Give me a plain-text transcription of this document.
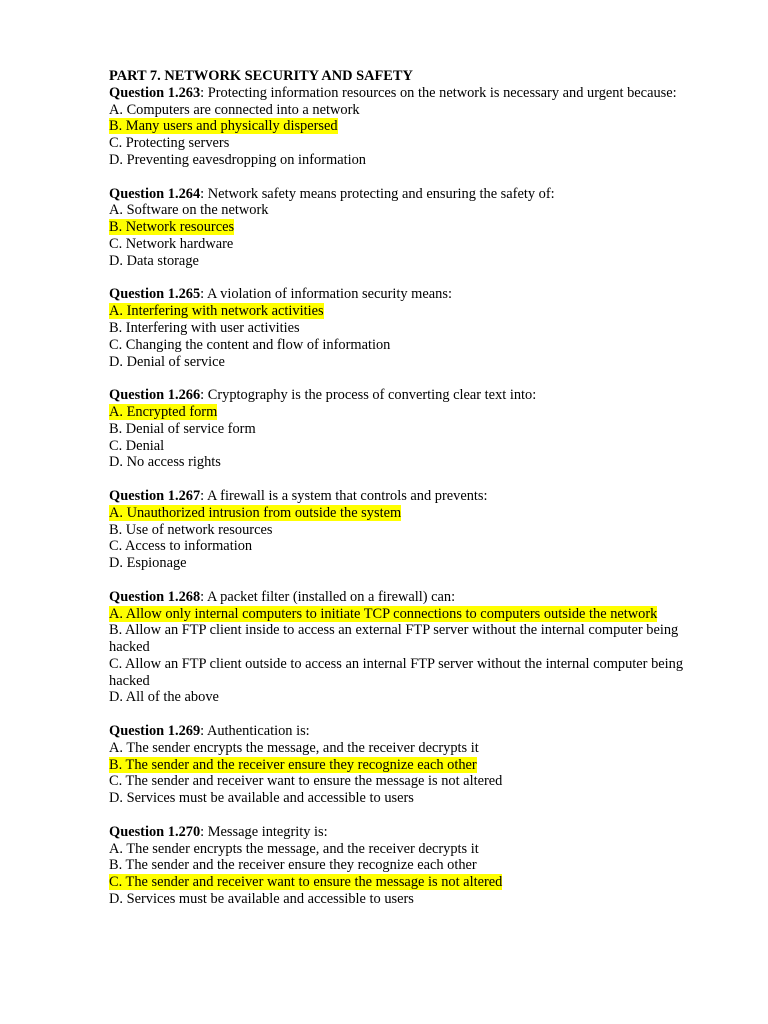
PART 7. NETWORK SECURITY AND SAFETY
Question 1.263: Protecting information resources on the network is necessary and urgent because:
A. Computers are connected into a network
B. Many users and physically dispersed
C. Protecting servers
D. Preventing eavesdropping on information
Question 1.264: Network safety means protecting and ensuring the safety of:
A. Software on the network
B. Network resources
C. Network hardware
D. Data storage
Question 1.265: A violation of information security means:
A. Interfering with network activities
B. Interfering with user activities
C. Changing the content and flow of information
D. Denial of service
Question 1.266: Cryptography is the process of converting clear text into:
A. Encrypted form
B. Denial of service form
C. Denial
D. No access rights
Question 1.267: A firewall is a system that controls and prevents:
A. Unauthorized intrusion from outside the system
B. Use of network resources
C. Access to information
D. Espionage
Question 1.268: A packet filter (installed on a firewall) can:
A. Allow only internal computers to initiate TCP connections to computers outside the network
B. Allow an FTP client inside to access an external FTP server without the internal computer being hacked
C. Allow an FTP client outside to access an internal FTP server without the internal computer being hacked
D. All of the above
Question 1.269: Authentication is:
A. The sender encrypts the message, and the receiver decrypts it
B. The sender and the receiver ensure they recognize each other
C. The sender and receiver want to ensure the message is not altered
D. Services must be available and accessible to users
Question 1.270: Message integrity is:
A. The sender encrypts the message, and the receiver decrypts it
B. The sender and the receiver ensure they recognize each other
C. The sender and receiver want to ensure the message is not altered
D. Services must be available and accessible to users
